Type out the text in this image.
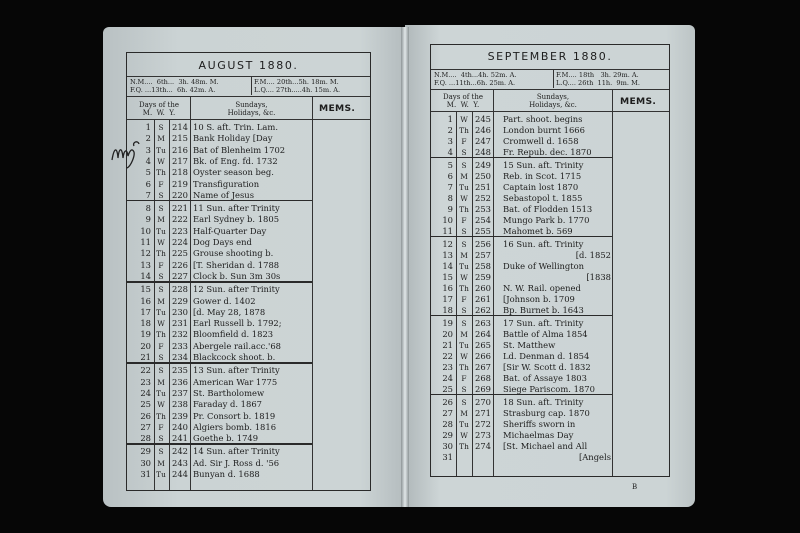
AUGUST 1880.
N.M....  6th...  3h. 48m. M.
F.Q. ...13th...  6h. 42m. A.
F.M.... 20th...5h. 18m. M.
L.Q.... 27th.....4h. 15m. A.
Days of the
M.  W.  Y.
Sundays,
Holidays, &c.	MEMS.
1	S	214 10 S. aft. Trin. Lam.
2 M 215 Bank Holiday [Day
3 Tu 216 Bat of Blenheim 1702
4 W 217 Bk. of Eng. fd. 1732
5 Th 218 Oyster season beg.
6	F	219 Transfiguration
7	S	220 Name of Jesus
8	S	221 11 Sun. after Trinity
9 M 222 Earl Sydney b. 1805
10 Tu 223 Half-Quarter Day
11 W 224 Dog Days end
12 Th 225 Grouse shooting b.
13	F	226 [T. Sheridan d. 1788
14	S	227 Clock b. Sun 3m 30s
15	S	228 12 Sun. after Trinity
16 M 229 Gower d. 1402
17 Tu 230 [d. May 28, 1878
18 W 231 Earl Russell b. 1792;
19 Th 232 Bloomfield d. 1823
20	F	233 Abergele rail.acc.'68
21	S	234 Blackcock shoot. b.
22	S	235 13 Sun. after Trinity
23 M 236 American War 1775
24 Tu 237 St. Bartholomew
25 W 238 Faraday d. 1867
26 Th 239 Pr. Consort b. 1819
27	F	240 Algiers bomb. 1816
28	S	241 Goethe b. 1749
29	S	242 14 Sun. after Trinity
30 M 243 Ad. Sir J. Ross d. '56
31 Tu 244 Bunyan d. 1688
SEPTEMBER 1880.
N.M....  4th...4h. 52m. A.
F.Q. ...11th...6h. 25m. A.
F.M.... 18th   3h. 29m. A.
L.Q.... 26th  11h.  9m. M.
Days of the
M.  W.  Y.
Sundays,
Holidays, &c.	MEMS.
1 W 245 Part. shoot. begins
2 Th 246 London burnt 1666
3	F	247 Cromwell d. 1658
4	S	248 Fr. Repub. dec. 1870
5	S	249 15 Sun. aft. Trinity
6 M 250 Reb. in Scot. 1715
7 Tu 251 Captain lost 1870
8 W 252 Sebastopol t. 1855
9 Th 253 Bat. of Flodden 1513
10	F	254 Mungo Park b. 1770
11	S	255 Mahomet b. 569
12	S	256 16 Sun. aft. Trinity
13 M 257	[d. 1852
14 Tu 258 Duke of Wellington
15 W 259	[1838
16 Th 260 N. W. Rail. opened
17	F	261 [Johnson b. 1709
18	S	262 Bp. Burnet b. 1643
19	S	263 17 Sun. aft. Trinity
20 M 264 Battle of Alma 1854
21 Tu 265 St. Matthew
22 W 266 Ld. Denman d. 1854
23 Th 267 [Sir W. Scott d. 1832
24	F	268 Bat. of Assaye 1803
25	S	269 Siege Pariscom. 1870
26	S	270 18 Sun. aft. Trinity
27 M 271 Strasburg cap. 1870
28 Tu 272 Sheriffs sworn in
29 W 273 Michaelmas Day
30 Th 274 [St. Michael and All
31	[Angels
B
